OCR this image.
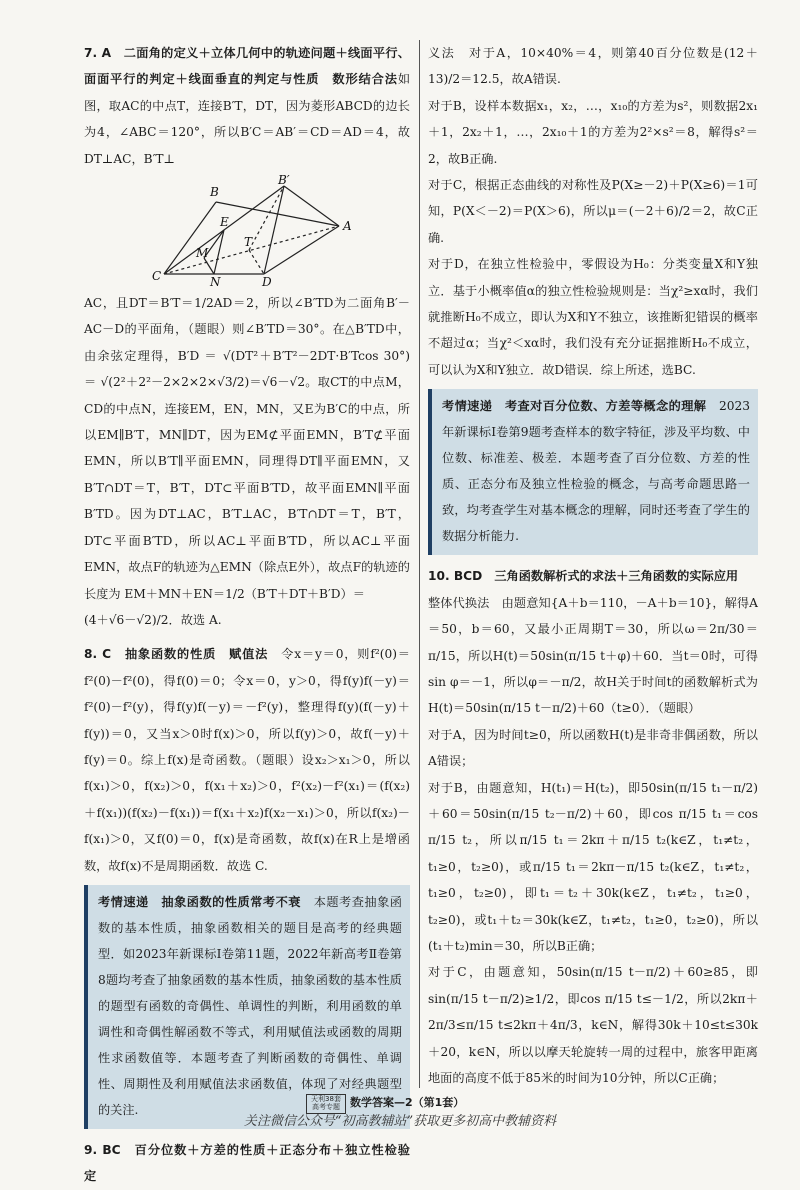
7. A　二面角的定义＋立体几何中的轨迹问题＋线面平行、面面平行的判定＋线面垂直的判定与性质　数形结合法如图，取AC的中点T，连接B′T，DT，因为菱形ABCD的边长为4，∠ABC＝120°，所以B′C＝AB′＝CD＝AD＝4，故DT⊥AC，B′T⊥

B
B′
A
E
T
M
C	N	D

AC，且DT＝B′T＝1/2AD＝2，所以∠B′TD为二面角B′－AC－D的平面角，（题眼）则∠B′TD＝30°。在△B′TD中，由余弦定理得，B′D ＝ √(DT²＋B′T²－2DT·B′Tcos 30°) ＝ √(2²＋2²－2×2×2×√3/2)＝√6－√2。取CT的中点M，CD的中点N，连接EM，EN，MN，又E为B′C的中点，所以EM∥B′T，MN∥DT，因为EM⊄平面EMN，B′T⊄平面EMN，所以B′T∥平面EMN，同理得DT∥平面EMN，又B′T∩DT＝T，B′T，DT⊂平面B′TD，故平面EMN∥平面B′TD。因为DT⊥AC，B′T⊥AC，B′T∩DT＝T，B′T，DT⊂平面B′TD，所以AC⊥平面B′TD，所以AC⊥平面EMN，故点F的轨迹为△EMN（除点E外），故点F的轨迹的长度为 EM＋MN＋EN＝1/2（B′T＋DT＋B′D）＝

(4＋√6－√2)/2．故选 A.

8. C　抽象函数的性质　赋值法　 令x＝y＝0，则f²(0)＝f²(0)－f²(0)，得f(0)＝0；令x＝0，y＞0，得f(y)f(－y)＝f²(0)－f²(y)，得f(y)f(－y)＝－f²(y)，整理得f(y)(f(－y)＋f(y))＝0，又当x＞0时f(x)＞0，所以f(y)＞0，故f(－y)＋f(y)＝0。综上f(x)是奇函数。（题眼）设x₂＞x₁＞0，所以f(x₁)＞0，f(x₂)＞0，f(x₁＋x₂)＞0，f²(x₂)－f²(x₁)＝(f(x₂)＋f(x₁))(f(x₂)－f(x₁))＝f(x₁＋x₂)f(x₂－x₁)＞0，所以f(x₂)－f(x₁)＞0，又f(0)＝0，f(x)是奇函数，故f(x)在R上是增函数，故f(x)不是周期函数．故选 C.

考情速递　抽象函数的性质常考不衰　 本题考查抽象函数的基本性质，抽象函数相关的题目是高考的经典题型．如2023年新课标Ⅰ卷第11题，2022年新高考Ⅱ卷第8题均考查了抽象函数的基本性质，抽象函数的基本性质的题型有函数的奇偶性、单调性的判断，利用函数的单调性和奇偶性解函数不等式，利用赋值法或函数的周期性求函数值等．本题考查了判断函数的奇偶性、单调性、周期性及利用赋值法求函数值，体现了对经典题型的关注.

9. BC　百分位数＋方差的性质＋正态分布＋独立性检验　定

义法　对于A，10×40%＝4，则第40百分位数是(12＋13)/2＝12.5，故A错误.

对于B，设样本数据x₁，x₂，…，x₁₀的方差为s²，则数据2x₁＋1，2x₂＋1，…，2x₁₀＋1的方差为2²×s²＝8，解得s²＝2，故B正确.

对于C，根据正态曲线的对称性及P(X≥－2)＋P(X≥6)＝1可知，P(X＜－2)＝P(X＞6)，所以μ＝(－2＋6)/2＝2，故C正确.

对于D，在独立性检验中，零假设为H₀：分类变量X和Y独立．基于小概率值α的独立性检验规则是：当χ²≥xα时，我们就推断H₀不成立，即认为X和Y不独立，该推断犯错误的概率不超过α；当χ²＜xα时，我们没有充分证据推断H₀不成立，可以认为X和Y独立．故D错误．综上所述，选BC.

考情速递　考查对百分位数、方差等概念的理解　 2023年新课标Ⅰ卷第9题考查样本的数字特征，涉及平均数、中位数、标准差、极差．本题考查了百分位数、方差的性质、正态分布及独立性检验的概念，与高考命题思路一致，均考查学生对基本概念的理解，同时还考查了学生的数据分析能力.

10. BCD　三角函数解析式的求法＋三角函数的实际应用

整体代换法　由题意知{A＋b＝110，－A＋b＝10}，解得A＝50，b＝60，又最小正周期T＝30，所以ω＝2π/30＝π/15，所以H(t)＝50sin(π/15 t＋φ)＋60．当t＝0时，可得sin φ＝－1，所以φ＝－π/2，故H关于时间t的函数解析式为H(t)＝50sin(π/15 t－π/2)＋60（t≥0）．（题眼）

对于A，因为时间t≥0，所以函数H(t)是非奇非偶函数，所以A错误；

对于B，由题意知，H(t₁)＝H(t₂)，即50sin(π/15 t₁－π/2)＋60＝50sin(π/15 t₂－π/2)＋60，即cos π/15 t₁＝cos π/15 t₂，所以π/15 t₁＝2kπ＋π/15 t₂(k∈Z，t₁≠t₂，t₁≥0，t₂≥0)，或π/15 t₁＝2kπ－π/15 t₂(k∈Z，t₁≠t₂，t₁≥0，t₂≥0)，即t₁＝t₂＋30k(k∈Z，t₁≠t₂，t₁≥0，t₂≥0)，或t₁＋t₂＝30k(k∈Z，t₁≠t₂，t₁≥0，t₂≥0)，所以(t₁＋t₂)min＝30，所以B正确；

对于C，由题意知，50sin(π/15 t－π/2)＋60≥85，即sin(π/15 t－π/2)≥1/2，即cos π/15 t≤－1/2，所以2kπ＋2π/3≤π/15 t≤2kπ＋4π/3，k∈N，解得30k＋10≤t≤30k＋20，k∈N，所以以摩天轮旋转一周的过程中，旅客甲距离地面的高度不低于85米的时间为10分钟，所以C正确；

天利38套 高考专题 数学答案—2（第1套）
关注微信公众号“初高教辅站”获取更多初高中教辅资料
